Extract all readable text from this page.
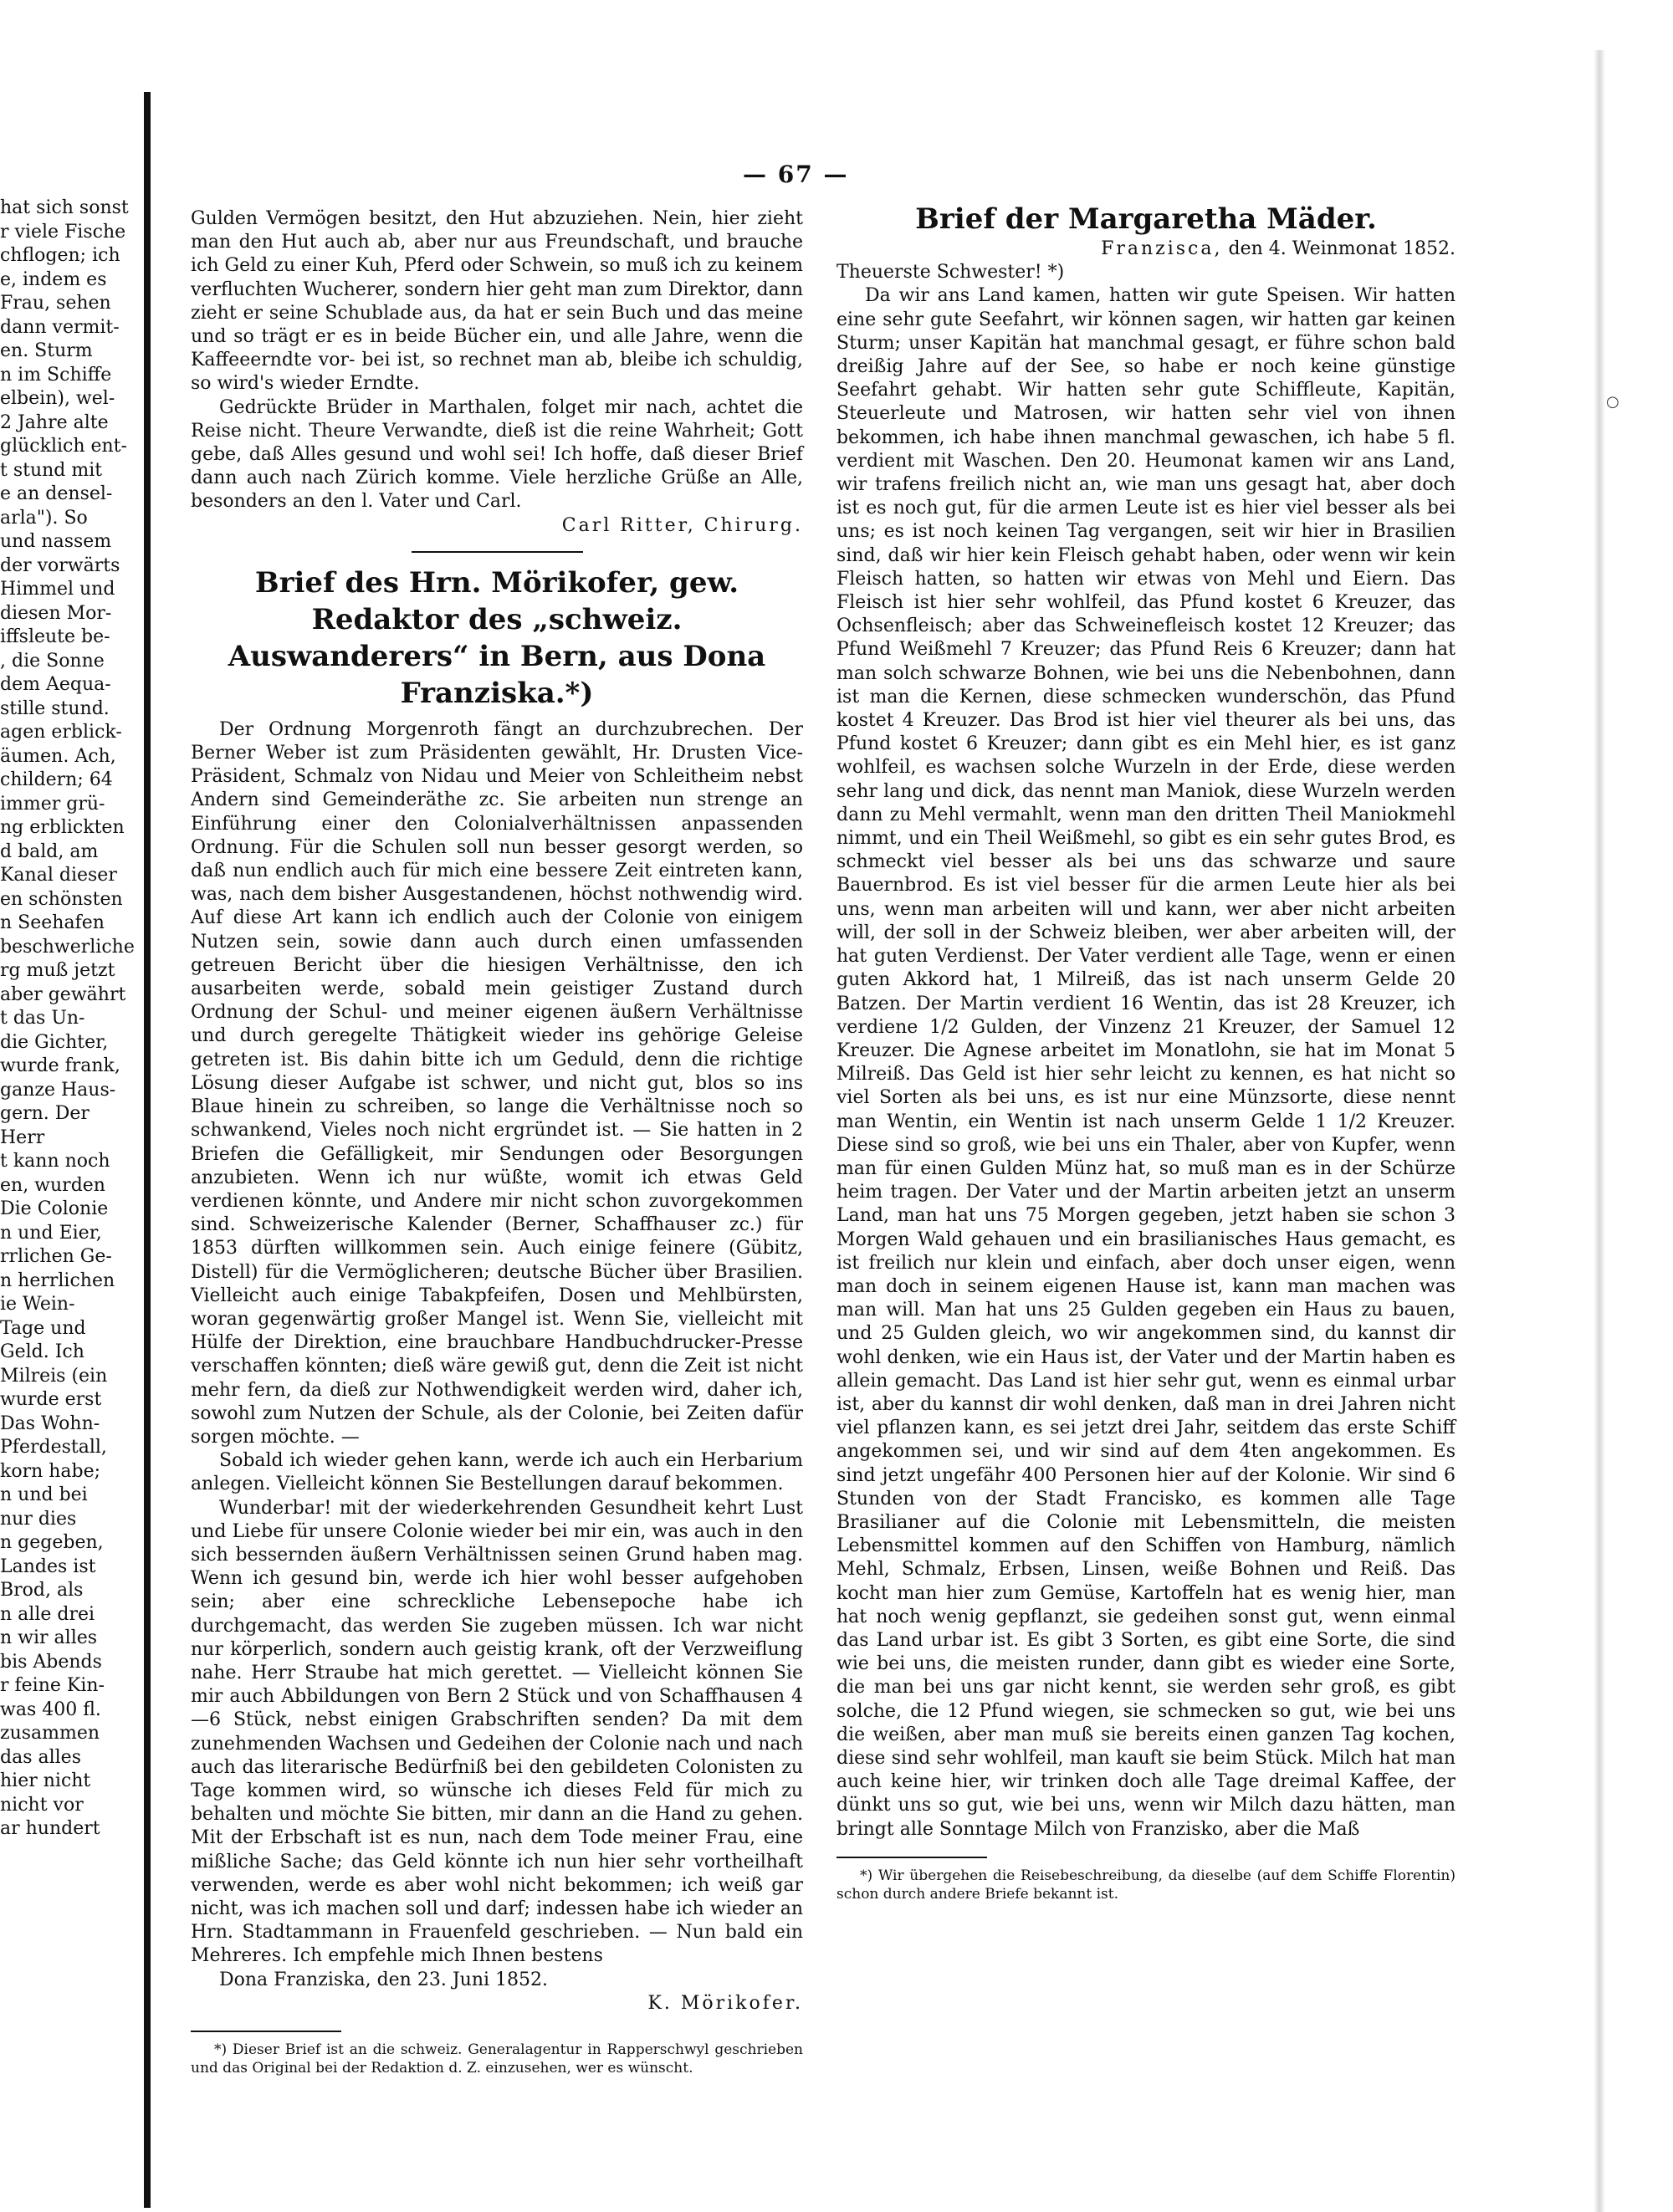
— 67 —
hat sich sonst
r viele Fische
chflogen; ich
e, indem es
Frau, sehen
dann vermit-
en. Sturm
n im Schiffe
elbein), wel-
2 Jahre alte
glücklich ent-
t stund mit
e an densel-
arla"). So
und nassem
der vorwärts
Himmel und
diesen Mor-
iffsleute be-
, die Sonne
dem Aequa-
stille stund.
agen erblick-
äumen. Ach,
childern; 64
immer grü-
ng erblickten
d bald, am
Kanal dieser
en schönsten
n Seehafen
beschwerliche
rg muß jetzt
aber gewährt
t das Un-
die Gichter,
wurde frank,
ganze Haus-
gern. Der
Herr
t kann noch
en, wurden
Die Colonie
n und Eier,
rrlichen Ge-
n herrlichen
ie Wein-
Tage und
Geld. Ich
Milreis (ein
wurde erst
Das Wohn-
Pferdestall,
korn habe;
n und bei
nur dies
n gegeben,
Landes ist
Brod, als
n alle drei
n wir alles
bis Abends
r feine Kin-
was 400 fl.
zusammen
das alles
hier nicht
nicht vor
ar hundert

Gulden Vermögen besitzt, den Hut abzuziehen. Nein, hier zieht man den Hut auch ab, aber nur aus Freundschaft, und brauche ich Geld zu einer Kuh, Pferd oder Schwein, so muß ich zu keinem verfluchten Wucherer, sondern hier geht man zum Direktor, dann zieht er seine Schublade aus, da hat er sein Buch und das meine und so trägt er es in beide Bücher ein, und alle Jahre, wenn die Kaffeeerndte vor- bei ist, so rechnet man ab, bleibe ich schuldig, so wird's wieder Erndte.

Gedrückte Brüder in Marthalen, folget mir nach, achtet die Reise nicht. Theure Verwandte, dieß ist die reine Wahrheit; Gott gebe, daß Alles gesund und wohl sei! Ich hoffe, daß dieser Brief dann auch nach Zürich komme. Viele herzliche Grüße an Alle, besonders an den l. Vater und Carl.

Carl Ritter, Chirurg.

Brief des Hrn. Mörikofer, gew. Redaktor des „schweiz. Auswanderers“ in Bern, aus Dona Franziska.*)

Der Ordnung Morgenroth fängt an durchzubrechen. Der Berner Weber ist zum Präsidenten gewählt, Hr. Drusten Vice-Präsident, Schmalz von Nidau und Meier von Schleitheim nebst Andern sind Gemeinderäthe zc. Sie arbeiten nun strenge an Einführung einer den Colonialverhältnissen anpassenden Ordnung. Für die Schulen soll nun besser gesorgt werden, so daß nun endlich auch für mich eine bessere Zeit eintreten kann, was, nach dem bisher Ausgestandenen, höchst nothwendig wird. Auf diese Art kann ich endlich auch der Colonie von einigem Nutzen sein, sowie dann auch durch einen umfassenden getreuen Bericht über die hiesigen Verhältnisse, den ich ausarbeiten werde, sobald mein geistiger Zustand durch Ordnung der Schul- und meiner eigenen äußern Verhältnisse und durch geregelte Thätigkeit wieder ins gehörige Geleise getreten ist. Bis dahin bitte ich um Geduld, denn die richtige Lösung dieser Aufgabe ist schwer, und nicht gut, blos so ins Blaue hinein zu schreiben, so lange die Verhältnisse noch so schwankend, Vieles noch nicht ergründet ist. — Sie hatten in 2 Briefen die Gefälligkeit, mir Sendungen oder Besorgungen anzubieten. Wenn ich nur wüßte, womit ich etwas Geld verdienen könnte, und Andere mir nicht schon zuvorgekommen sind. Schweizerische Kalender (Berner, Schaffhauser zc.) für 1853 dürften willkommen sein. Auch einige feinere (Gübitz, Distell) für die Vermöglicheren; deutsche Bücher über Brasilien. Vielleicht auch einige Tabakpfeifen, Dosen und Mehlbürsten, woran gegenwärtig großer Mangel ist. Wenn Sie, vielleicht mit Hülfe der Direktion, eine brauchbare Handbuchdrucker-Presse verschaffen könnten; dieß wäre gewiß gut, denn die Zeit ist nicht mehr fern, da dieß zur Nothwendigkeit werden wird, daher ich, sowohl zum Nutzen der Schule, als der Colonie, bei Zeiten dafür sorgen möchte. —

Sobald ich wieder gehen kann, werde ich auch ein Herbarium anlegen. Vielleicht können Sie Bestellungen darauf bekommen.

Wunderbar! mit der wiederkehrenden Gesundheit kehrt Lust und Liebe für unsere Colonie wieder bei mir ein, was auch in den sich bessernden äußern Verhältnissen seinen Grund haben mag. Wenn ich gesund bin, werde ich hier wohl besser aufgehoben sein; aber eine schreckliche Lebensepoche habe ich durchgemacht, das werden Sie zugeben müssen. Ich war nicht nur körperlich, sondern auch geistig krank, oft der Verzweiflung nahe. Herr Straube hat mich gerettet. — Vielleicht können Sie mir auch Abbildungen von Bern 2 Stück und von Schaffhausen 4—6 Stück, nebst einigen Grabschriften senden? Da mit dem zunehmenden Wachsen und Gedeihen der Colonie nach und nach auch das literarische Bedürfniß bei den gebildeten Colonisten zu Tage kommen wird, so wünsche ich dieses Feld für mich zu behalten und möchte Sie bitten, mir dann an die Hand zu gehen. Mit der Erbschaft ist es nun, nach dem Tode meiner Frau, eine mißliche Sache; das Geld könnte ich nun hier sehr vortheilhaft verwenden, werde es aber wohl nicht bekommen; ich weiß gar nicht, was ich machen soll und darf; indessen habe ich wieder an Hrn. Stadtammann in Frauenfeld geschrieben. — Nun bald ein Mehreres. Ich empfehle mich Ihnen bestens

Dona Franziska, den 23. Juni 1852.

K. Mörikofer.

*) Dieser Brief ist an die schweiz. Generalagentur in Rapperschwyl geschrieben und das Original bei der Redaktion d. Z. einzusehen, wer es wünscht.

Brief der Margaretha Mäder.

Franzisca, den 4. Weinmonat 1852.

Theuerste Schwester! *)

Da wir ans Land kamen, hatten wir gute Speisen. Wir hatten eine sehr gute Seefahrt, wir können sagen, wir hatten gar keinen Sturm; unser Kapitän hat manchmal gesagt, er führe schon bald dreißig Jahre auf der See, so habe er noch keine günstige Seefahrt gehabt. Wir hatten sehr gute Schiffleute, Kapitän, Steuerleute und Matrosen, wir hatten sehr viel von ihnen bekommen, ich habe ihnen manchmal gewaschen, ich habe 5 fl. verdient mit Waschen. Den 20. Heumonat kamen wir ans Land, wir trafens freilich nicht an, wie man uns gesagt hat, aber doch ist es noch gut, für die armen Leute ist es hier viel besser als bei uns; es ist noch keinen Tag vergangen, seit wir hier in Brasilien sind, daß wir hier kein Fleisch gehabt haben, oder wenn wir kein Fleisch hatten, so hatten wir etwas von Mehl und Eiern. Das Fleisch ist hier sehr wohlfeil, das Pfund kostet 6 Kreuzer, das Ochsenfleisch; aber das Schweinefleisch kostet 12 Kreuzer; das Pfund Weißmehl 7 Kreuzer; das Pfund Reis 6 Kreuzer; dann hat man solch schwarze Bohnen, wie bei uns die Nebenbohnen, dann ist man die Kernen, diese schmecken wunderschön, das Pfund kostet 4 Kreuzer. Das Brod ist hier viel theurer als bei uns, das Pfund kostet 6 Kreuzer; dann gibt es ein Mehl hier, es ist ganz wohlfeil, es wachsen solche Wurzeln in der Erde, diese werden sehr lang und dick, das nennt man Maniok, diese Wurzeln werden dann zu Mehl vermahlt, wenn man den dritten Theil Maniokmehl nimmt, und ein Theil Weißmehl, so gibt es ein sehr gutes Brod, es schmeckt viel besser als bei uns das schwarze und saure Bauernbrod. Es ist viel besser für die armen Leute hier als bei uns, wenn man arbeiten will und kann, wer aber nicht arbeiten will, der soll in der Schweiz bleiben, wer aber arbeiten will, der hat guten Verdienst. Der Vater verdient alle Tage, wenn er einen guten Akkord hat, 1 Milreiß, das ist nach unserm Gelde 20 Batzen. Der Martin verdient 16 Wentin, das ist 28 Kreuzer, ich verdiene 1/2 Gulden, der Vinzenz 21 Kreuzer, der Samuel 12 Kreuzer. Die Agnese arbeitet im Monatlohn, sie hat im Monat 5 Milreiß. Das Geld ist hier sehr leicht zu kennen, es hat nicht so viel Sorten als bei uns, es ist nur eine Münzsorte, diese nennt man Wentin, ein Wentin ist nach unserm Gelde 1 1/2 Kreuzer. Diese sind so groß, wie bei uns ein Thaler, aber von Kupfer, wenn man für einen Gulden Münz hat, so muß man es in der Schürze heim tragen. Der Vater und der Martin arbeiten jetzt an unserm Land, man hat uns 75 Morgen gegeben, jetzt haben sie schon 3 Morgen Wald gehauen und ein brasilianisches Haus gemacht, es ist freilich nur klein und einfach, aber doch unser eigen, wenn man doch in seinem eigenen Hause ist, kann man machen was man will. Man hat uns 25 Gulden gegeben ein Haus zu bauen, und 25 Gulden gleich, wo wir angekommen sind, du kannst dir wohl denken, wie ein Haus ist, der Vater und der Martin haben es allein gemacht. Das Land ist hier sehr gut, wenn es einmal urbar ist, aber du kannst dir wohl denken, daß man in drei Jahren nicht viel pflanzen kann, es sei jetzt drei Jahr, seitdem das erste Schiff angekommen sei, und wir sind auf dem 4ten angekommen. Es sind jetzt ungefähr 400 Personen hier auf der Kolonie. Wir sind 6 Stunden von der Stadt Francisko, es kommen alle Tage Brasilianer auf die Colonie mit Lebensmitteln, die meisten Lebensmittel kommen auf den Schiffen von Hamburg, nämlich Mehl, Schmalz, Erbsen, Linsen, weiße Bohnen und Reiß. Das kocht man hier zum Gemüse, Kartoffeln hat es wenig hier, man hat noch wenig gepflanzt, sie gedeihen sonst gut, wenn einmal das Land urbar ist. Es gibt 3 Sorten, es gibt eine Sorte, die sind wie bei uns, die meisten runder, dann gibt es wieder eine Sorte, die man bei uns gar nicht kennt, sie werden sehr groß, es gibt solche, die 12 Pfund wiegen, sie schmecken so gut, wie bei uns die weißen, aber man muß sie bereits einen ganzen Tag kochen, diese sind sehr wohlfeil, man kauft sie beim Stück. Milch hat man auch keine hier, wir trinken doch alle Tage dreimal Kaffee, der dünkt uns so gut, wie bei uns, wenn wir Milch dazu hätten, man bringt alle Sonntage Milch von Franzisko, aber die Maß

*) Wir übergehen die Reisebeschreibung, da dieselbe (auf dem Schiffe Florentin) schon durch andere Briefe bekannt ist.

○
